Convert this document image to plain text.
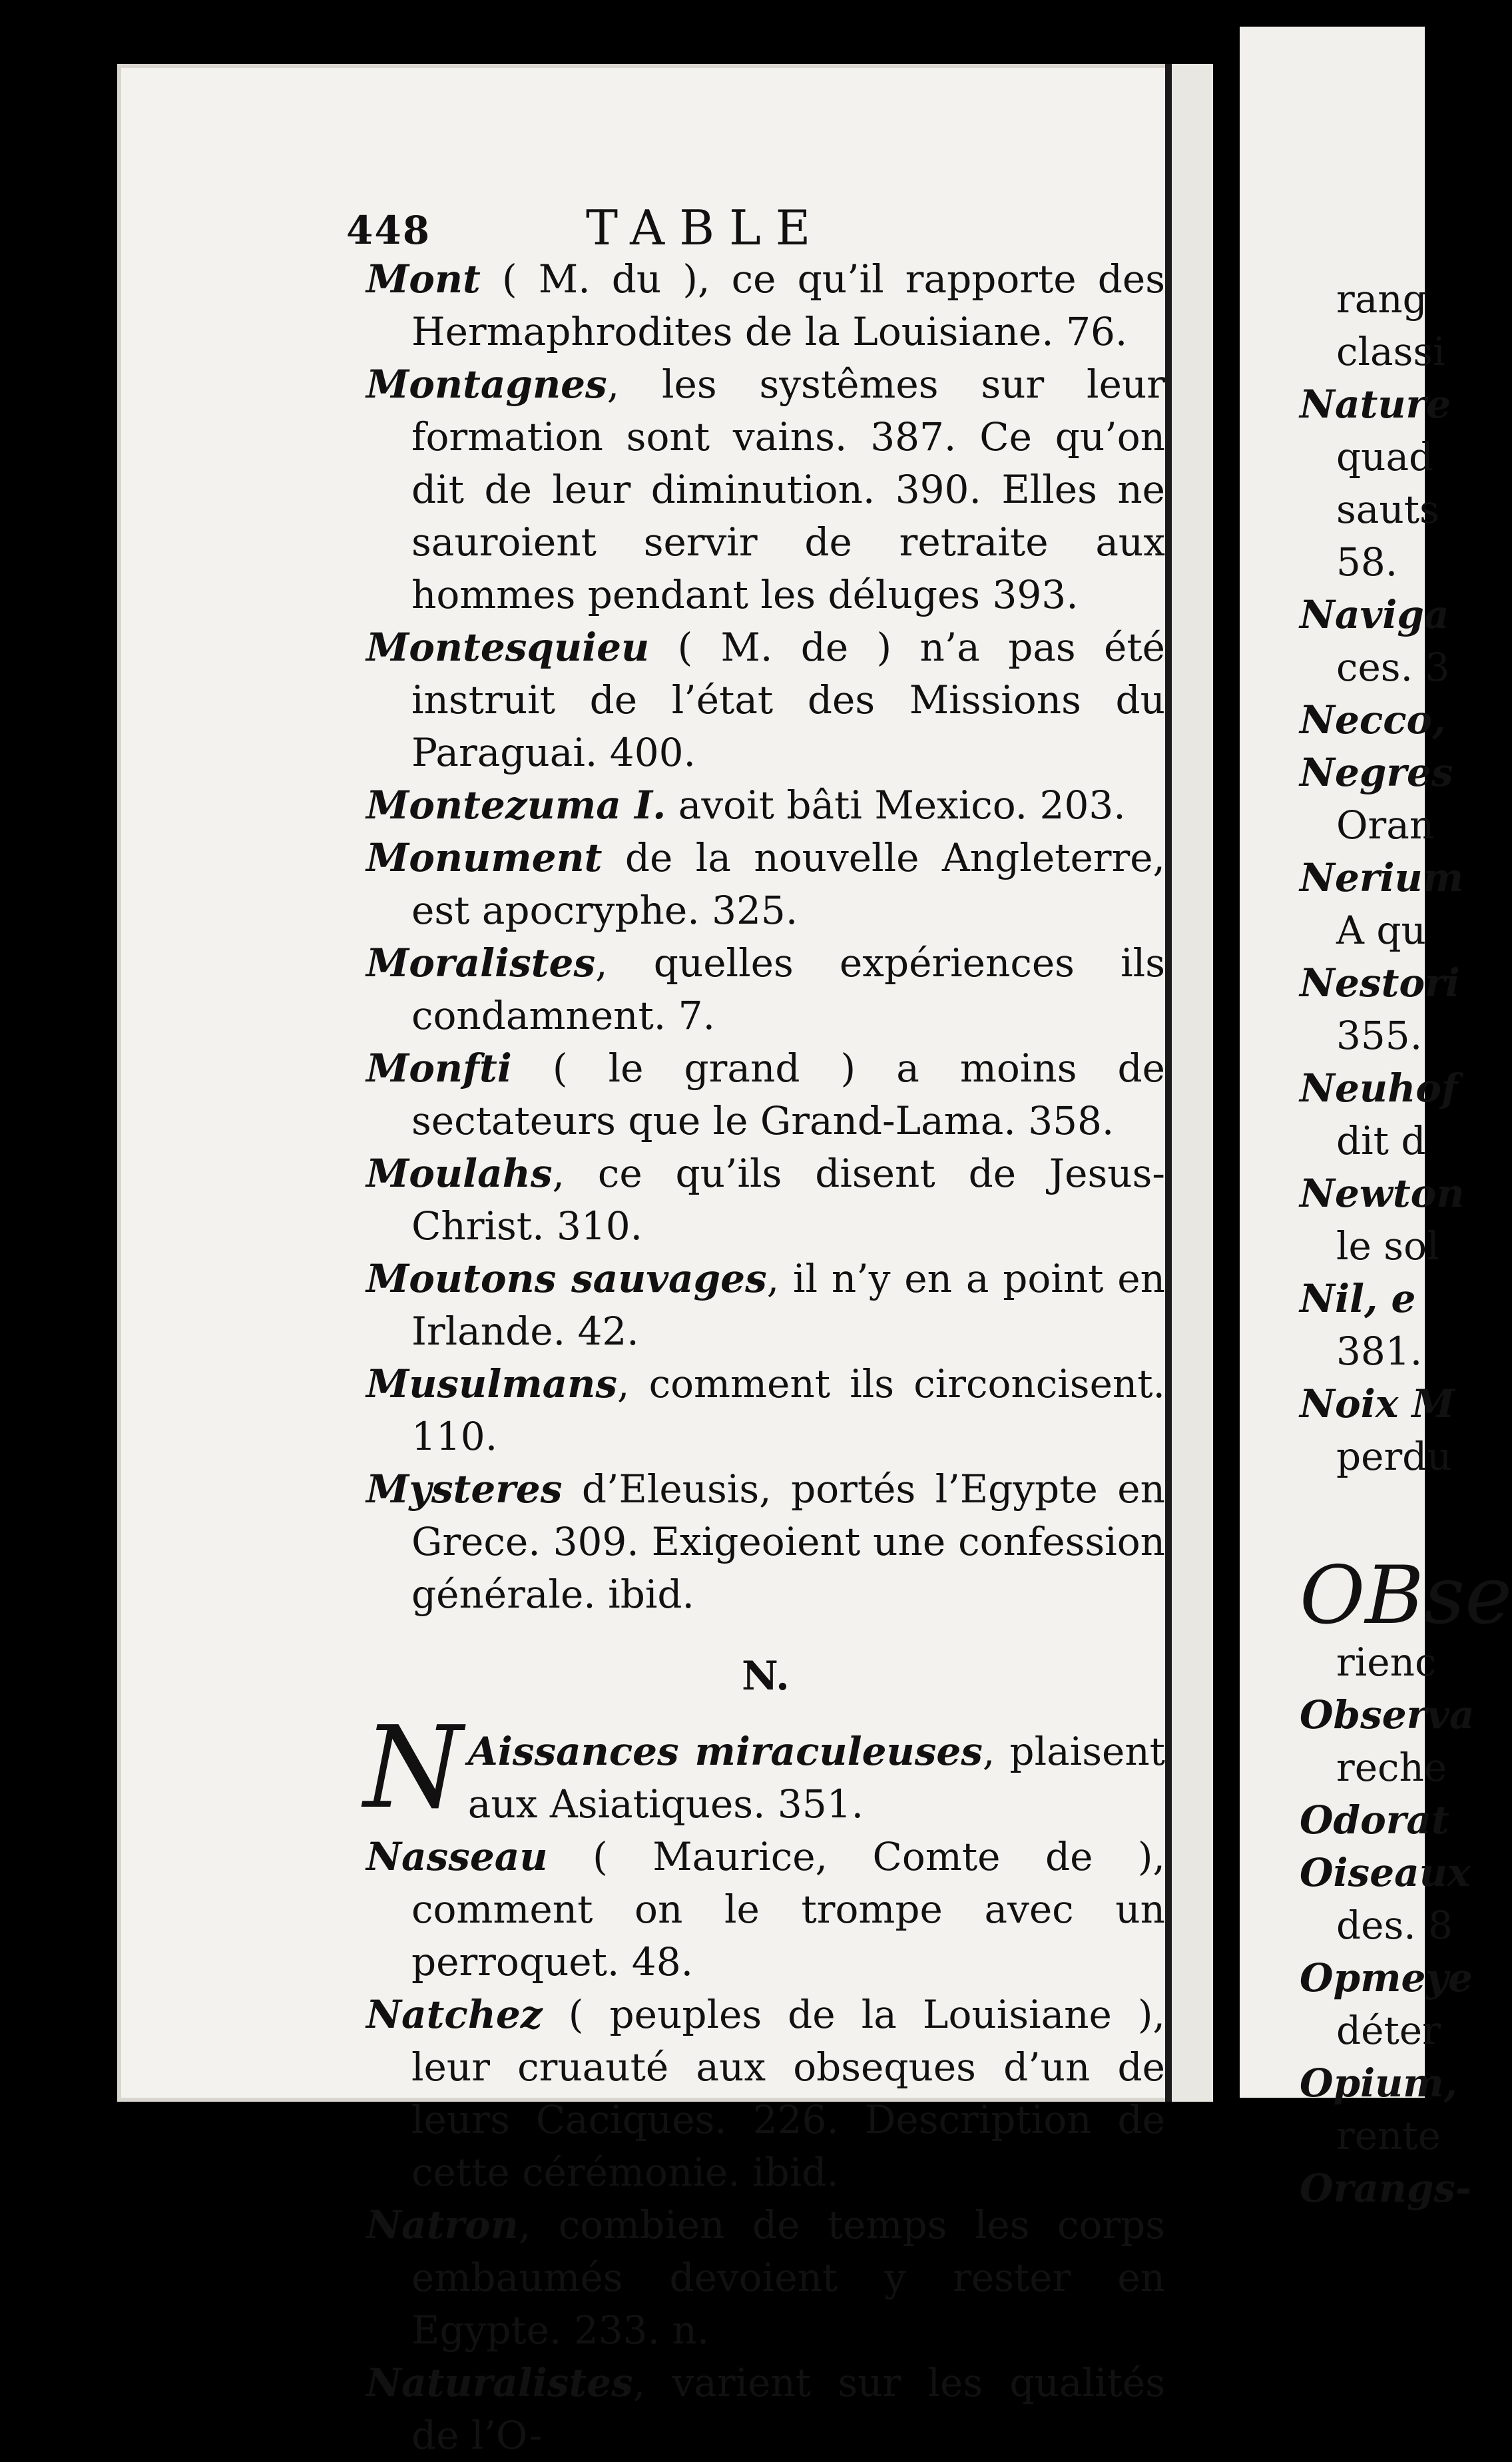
448	TABLE

Mont ( M. du ), ce qu’il rapporte des Hermaphrodites de la Louisiane. 76.

Montagnes, les systêmes sur leur formation sont vains. 387. Ce qu’on dit de leur diminution. 390. Elles ne sauroient servir de retraite aux hommes pendant les déluges 393.

Montesquieu ( M. de ) n’a pas été instruit de l’état des Missions du Paraguai. 400.

Montezuma I. avoit bâti Mexico. 203.

Monument de la nouvelle Angleterre, est apocryphe. 325.

Moralistes, quelles expériences ils condamnent. 7.

Monfti ( le grand ) a moins de sectateurs que le Grand-Lama. 358.

Moulahs, ce qu’ils disent de Jesus-Christ. 310.

Moutons sauvages, il n’y en a point en Irlande. 42.

Musulmans, comment ils circoncisent. 110.

Mysteres d’Eleusis, portés l’Egypte en Grece. 309. Exigeoient une confession générale. ibid.

N.

N Aissances miraculeuses, plaisent aux Asiatiques. 351.

Nasseau ( Maurice, Comte de ), comment on le trompe avec un perroquet. 48.

Natchez ( peuples de la Louisiane ), leur cruauté aux obseques d’un de leurs Caciques. 226. Description de cette cérémonie. ibid.

Natron, combien de temps les corps embaumés devoient y rester en Egypte. 233. n.

Naturalistes, varient sur les qualités de l’O-

rang

classi

Nature

quad

sauts

58.

Naviga

ces. 3

Necco,

Negres

Oran

Nerium

A qu

Nestori

355.

Neuhof

dit d

Newton

le sol

Nil, e

381.

Noix M

perdu

OBse

rienc

Observa

reche

Odorat

Oiseaux

des. 8

Opmeye

déter

Opium,

rente

Orangs-
